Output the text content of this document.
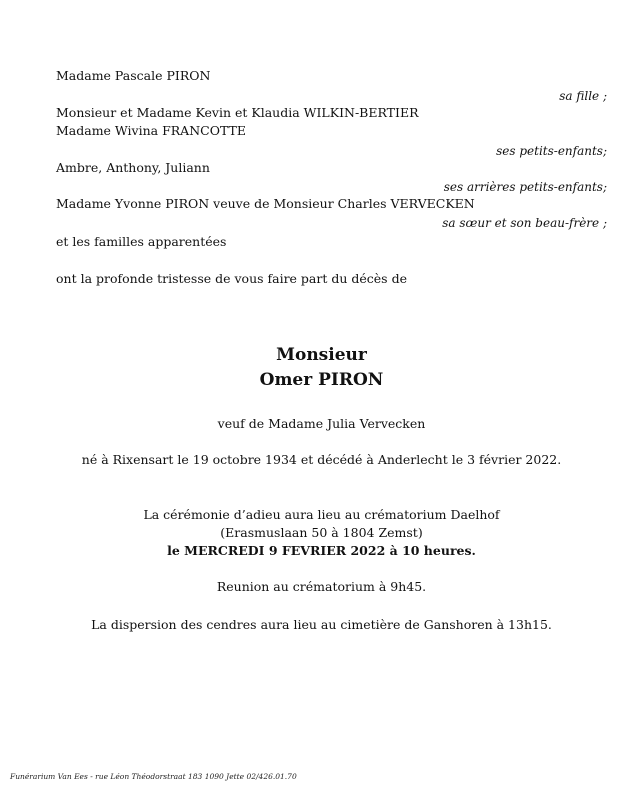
Madame Pascale PIRON
sa fille ;
Monsieur et Madame Kevin et Klaudia WILKIN-BERTIER
Madame Wivina FRANCOTTE
ses petits-enfants;
Ambre, Anthony, Juliann
ses arrières petits-enfants;
Madame Yvonne PIRON veuve de Monsieur Charles VERVECKEN
sa sœur et son beau-frère ;
et les familles apparentées
ont la profonde tristesse de vous faire part du décès de
Monsieur
Omer PIRON
veuf de Madame Julia Vervecken
né à Rixensart le 19 octobre 1934 et décédé à Anderlecht le 3 février 2022.
La cérémonie d’adieu aura lieu au crématorium Daelhof
(Erasmuslaan 50 à 1804 Zemst)
le MERCREDI 9 FEVRIER 2022 à 10 heures.
Reunion au crématorium à 9h45.
La dispersion des cendres aura lieu au cimetière de Ganshoren à 13h15.
Funérarium Van Ees - rue Léon Théodorstraat 183 1090 Jette 02/426.01.70
